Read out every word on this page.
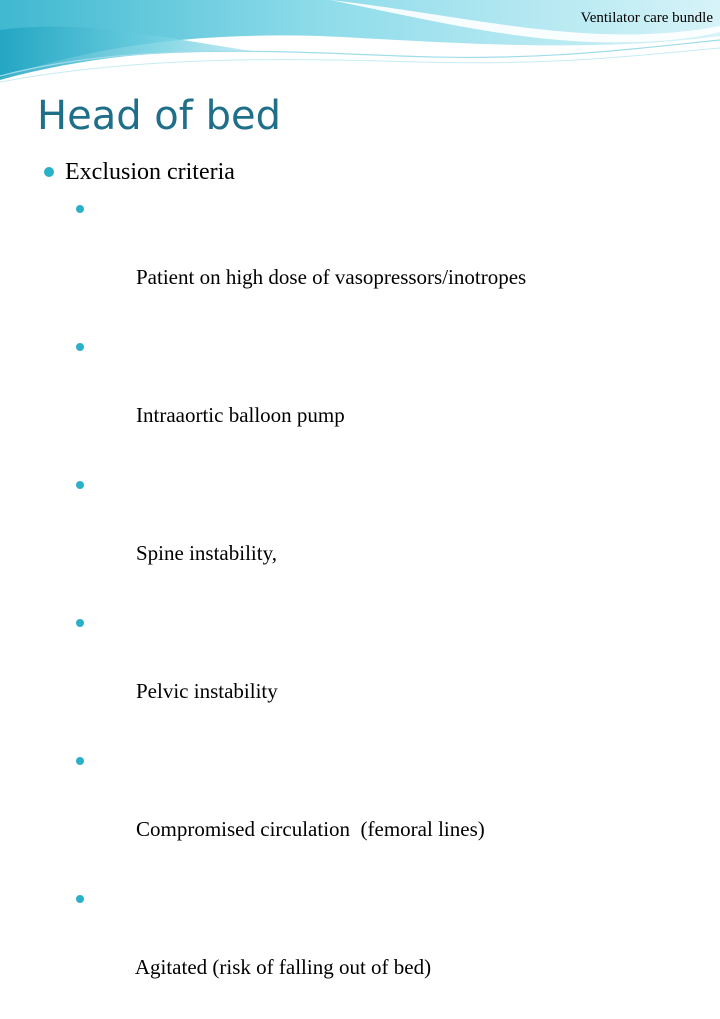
Ventilator care bundle
Head of bed
Exclusion criteria

Patient on high dose of vasopressors/inotropes

Intraaortic balloon pump

Spine instability,

Pelvic instability

Compromised circulation  (femoral lines)

Agitated (risk of falling out of bed)
